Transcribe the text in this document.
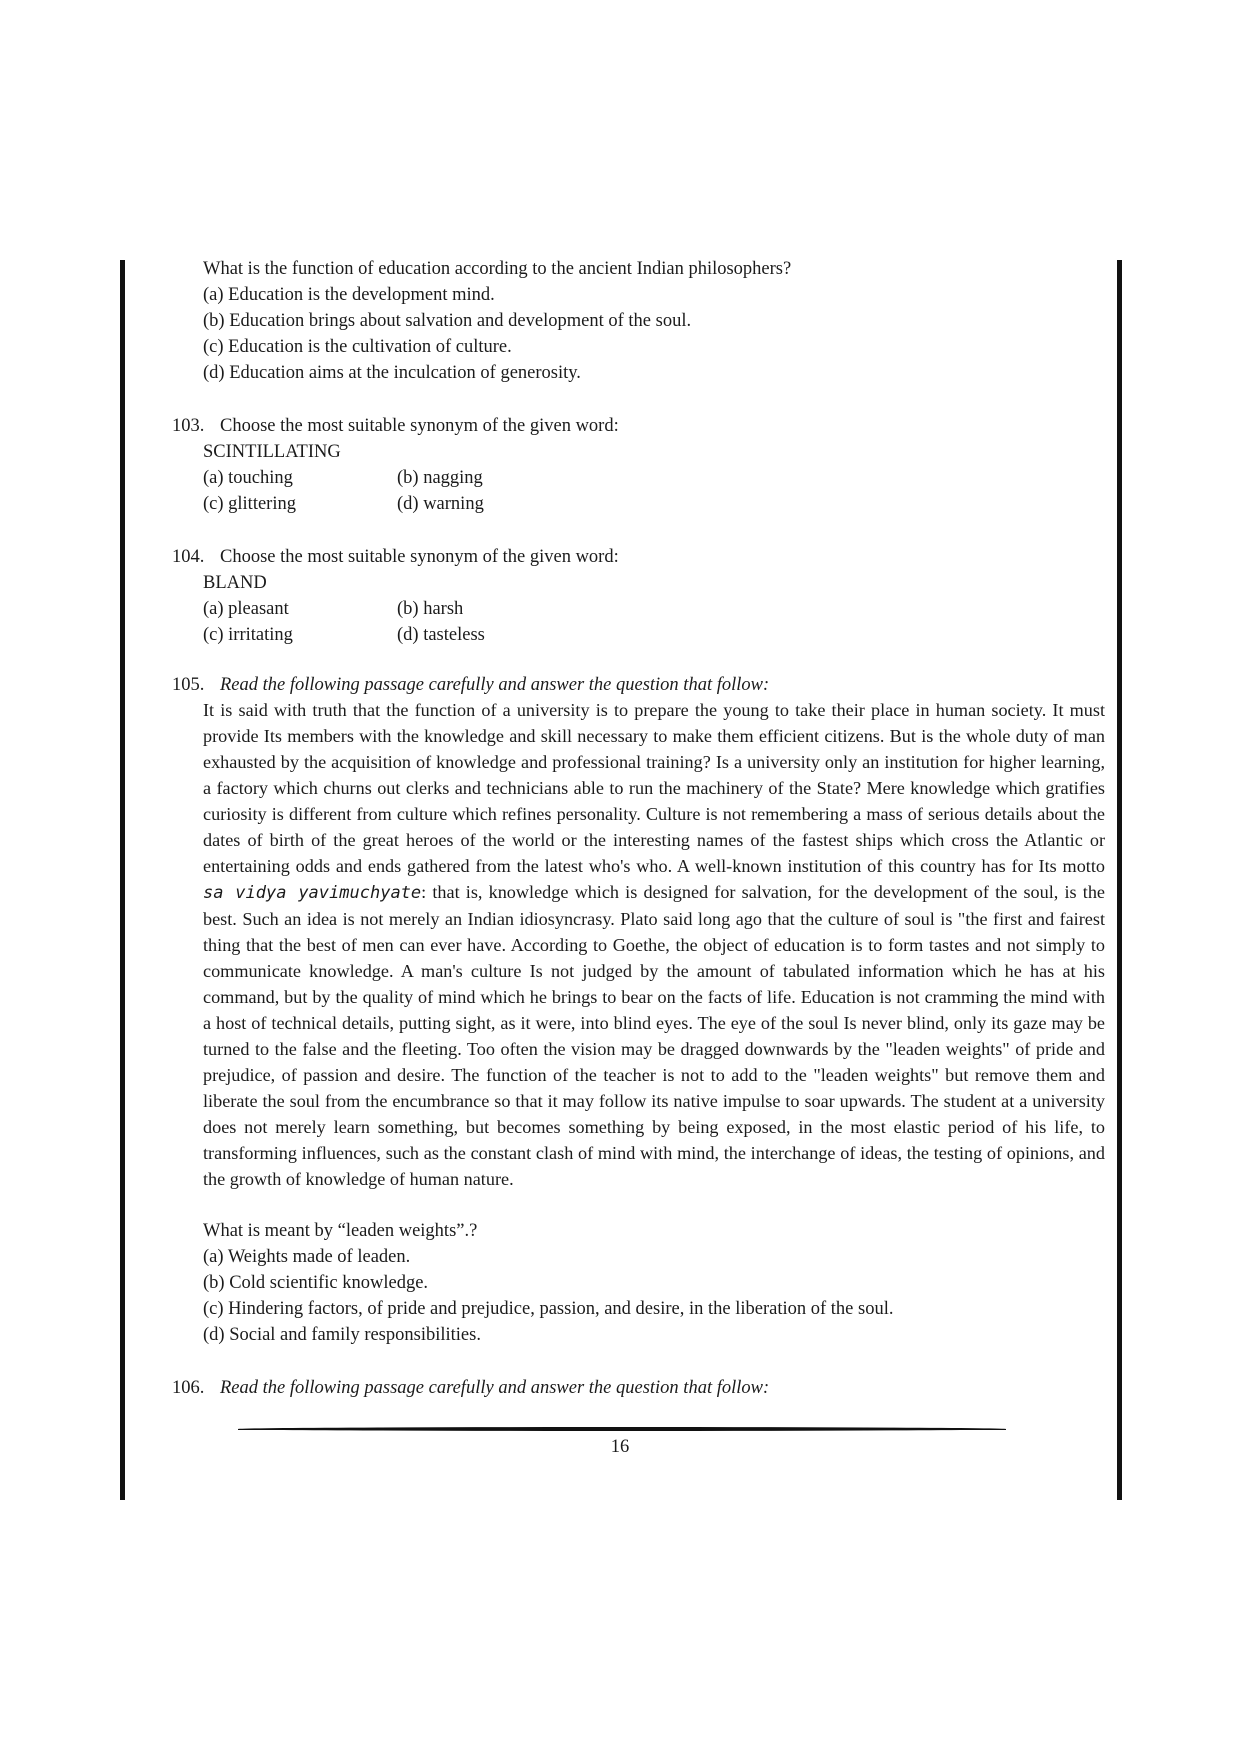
What is the function of education according to the ancient Indian philosophers?
(a) Education is the development mind.
(b) Education brings about salvation and development of the soul.
(c) Education is the cultivation of culture.
(d) Education aims at the inculcation of generosity.
103. Choose the most suitable synonym of the given word:
SCINTILLATING
(a) touching	(b) nagging
(c) glittering	(d) warning
104. Choose the most suitable synonym of the given word:
BLAND
(a) pleasant	(b) harsh
(c) irritating	(d) tasteless
105. Read the following passage carefully and answer the question that follow:
It is said with truth that the function of a university is to prepare the young to take their place in human society. It must provide Its members with the knowledge and skill necessary to make them efficient citizens. But is the whole duty of man exhausted by the acquisition of knowledge and professional training? Is a university only an institution for higher learning, a factory which churns out clerks and technicians able to run the machinery of the State? Mere knowledge which gratifies curiosity is different from culture which refines personality. Culture is not remembering a mass of serious details about the dates of birth of the great heroes of the world or the interesting names of the fastest ships which cross the Atlantic or entertaining odds and ends gathered from the latest who's who. A well-known institution of this country has for Its motto sa vidya yavimuchyate: that is, knowledge which is designed for salvation, for the development of the soul, is the best. Such an idea is not merely an Indian idiosyncrasy. Plato said long ago that the culture of soul is "the first and fairest thing that the best of men can ever have. According to Goethe, the object of education is to form tastes and not simply to communicate knowledge. A man's culture Is not judged by the amount of tabulated information which he has at his command, but by the quality of mind which he brings to bear on the facts of life. Education is not cramming the mind with a host of technical details, putting sight, as it were, into blind eyes. The eye of the soul Is never blind, only its gaze may be turned to the false and the fleeting. Too often the vision may be dragged downwards by the "leaden weights" of pride and prejudice, of passion and desire. The function of the teacher is not to add to the "leaden weights" but remove them and liberate the soul from the encumbrance so that it may follow its native impulse to soar upwards. The student at a university does not merely learn something, but becomes something by being exposed, in the most elastic period of his life, to transforming influences, such as the constant clash of mind with mind, the interchange of ideas, the testing of opinions, and the growth of knowledge of human nature.
What is meant by “leaden weights”.?
(a) Weights made of leaden.
(b) Cold scientific knowledge.
(c) Hindering factors, of pride and prejudice, passion, and desire, in the liberation of the soul.
(d) Social and family responsibilities.
106. Read the following passage carefully and answer the question that follow:
16
